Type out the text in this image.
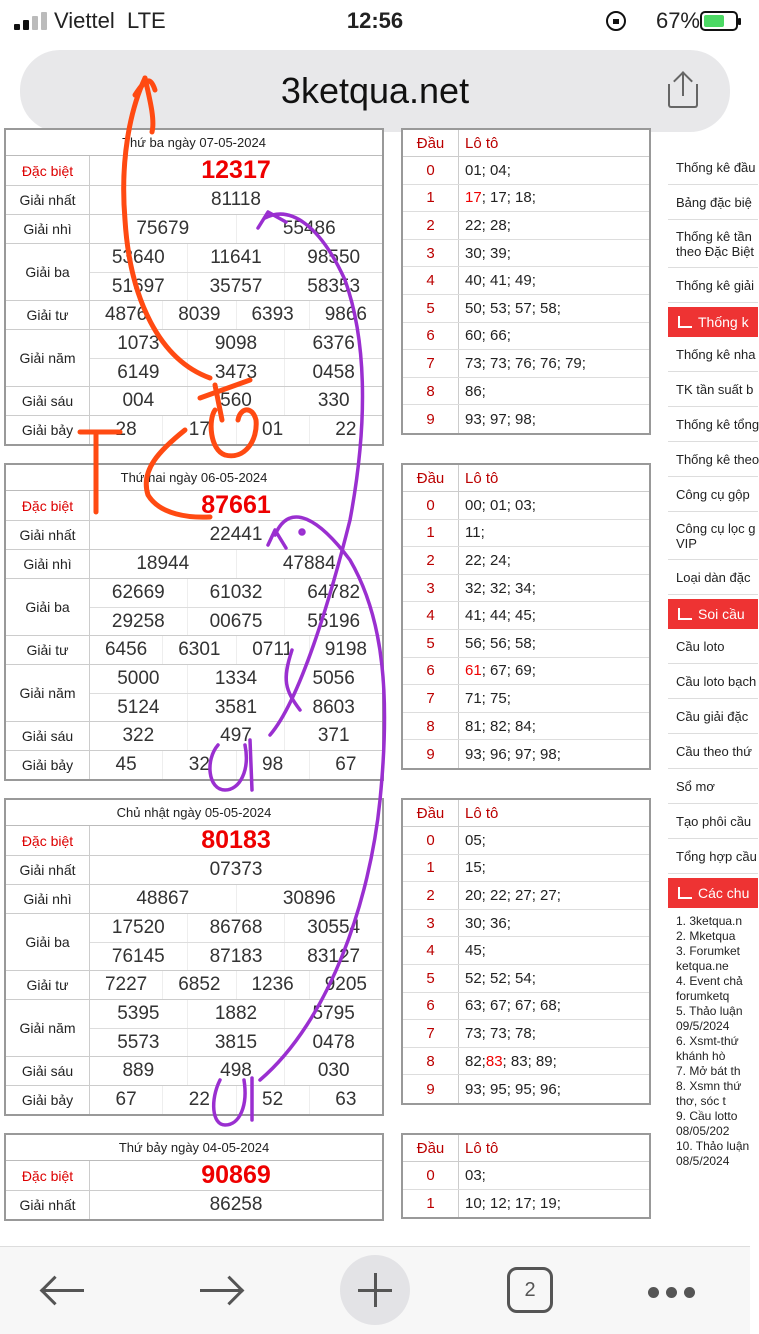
Viettel LTE	12:56	67%
3ketqua.net
Thứ ba ngày 07-05-2024
Đặc biệt	12317
Giải nhất	81118
Giải nhì	75679	55486
Giải ba
53640	11641	98550
51697	35757	58353
Giải tư	4876	8039	6393	9866
Giải năm
1073	9098	6376
6149	3473	0458
Giải sáu	004	560	330
Giải bảy	28	17	01	22
Thứ hai ngày 06-05-2024
Đặc biệt	87661
Giải nhất	22441
Giải nhì	18944	47884
Giải ba
62669	61032	64782
29258	00675	55196
Giải tư	6456	6301	0711	9198
Giải năm
5000	1334	5056
5124	3581	8603
Giải sáu	322	497	371
Giải bảy	45	32	98	67
Chủ nhật ngày 05-05-2024
Đặc biệt	80183
Giải nhất	07373
Giải nhì	48867	30896
Giải ba
17520	86768	30554
76145	87183	83127
Giải tư	7227	6852	1236	9205
Giải năm
5395	1882	5795
5573	3815	0478
Giải sáu	889	498	030
Giải bảy	67	22	52	63
Thứ bảy ngày 04-05-2024
Đặc biệt	90869
Giải nhất	86258
Đầu	Lô tô
0	01; 04;
1	17 ; 17; 18;
2	22; 28;
3	30; 39;
4	40; 41; 49;
5	50; 53; 57; 58;
6	60; 66;
7	73; 73; 76; 76; 79;
8	86;
9	93; 97; 98;
Đầu	Lô tô
0	00; 01; 03;
1	11;
2	22; 24;
3	32; 32; 34;
4	41; 44; 45;
5	56; 56; 58;
6	61 ; 67; 69;
7	71; 75;
8	81; 82; 84;
9	93; 96; 97; 98;
Đầu	Lô tô
0	05;
1	15;
2	20; 22; 27; 27;
3	30; 36;
4	45;
5	52; 52; 54;
6	63; 67; 67; 68;
7	73; 73; 78;
8	82; 83 ; 83; 89;
9	93; 95; 95; 96;
Đầu	Lô tô
0	03;
1	10; 12; 17; 19;
Thống kê đầu
Bảng đặc biệ
Thống kê tần theo Đặc Biệt
Thống kê giải
Thống k
Thống kê nha
TK tần suất b
Thống kê tổng
Thống kê theo
Công cụ gộp
Công cụ lọc g VIP
Loại dàn đặc
Soi cầu
Cầu loto
Cầu loto bạch
Cầu giải đặc
Cầu theo thứ
Sổ mơ
Tạo phôi cầu
Tổng hợp cầu
Các chu
1. 3ketqua.n
2. Mketqua
3. Forumket
ketqua.ne
4. Event chả
forumketq
5. Thảo luận
09/5/2024
6. Xsmt-thứ
khánh hò
7. Mở bát th
8. Xsmn thứ
thơ, sóc t
9. Cầu lotto
08/05/202
10. Thảo luận
08/5/2024
2
